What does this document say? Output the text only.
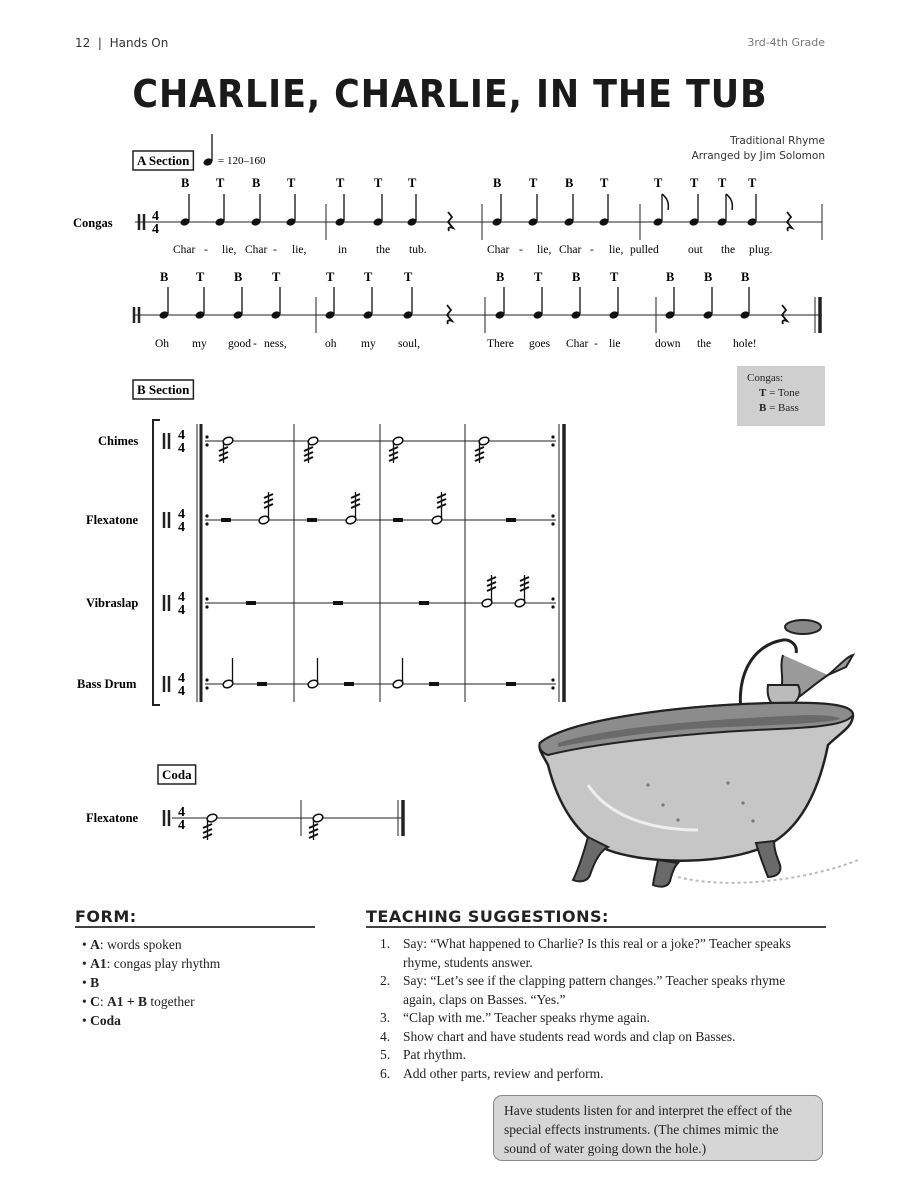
12  |  Hands On	3rd-4th Grade
CHARLIE, CHARLIE, IN THE TUB
Traditional Rhyme
Arranged by Jim Solomon
A Section	= 120–160
Congas	4
4
B T B T	T T T	B T B T	T T T T
Char - lie, Char - lie,	in	the tub.	Char - lie, Char - lie, pulled	out the plug.
B T B T	T T	T	B T B T	B B B
Oh my good - ness,	oh my soul,	There goes Char - lie	down the hole!
B Section
Chimes	4
4
Flexatone	4
4
Vibraslap	4
4
Bass Drum	4
4
Coda
Flexatone	4
4
Congas:
T = Tone
B = Bass
FORM:
• A: words spoken
• A1: congas play rhythm
• B
• C: A1 + B together
• Coda
TEACHING SUGGESTIONS:
1. Say: “What happened to Charlie? Is this real or a joke?” Teacher speaks rhyme, students answer.
2. Say: “Let’s see if the clapping pattern changes.” Teacher speaks rhyme again, claps on Basses. “Yes.”
3. “Clap with me.” Teacher speaks rhyme again.
4. Show chart and have students read words and clap on Basses.
5. Pat rhythm.
6. Add other parts, review and perform.
Have students listen for and interpret the effect of the special effects instruments. (The chimes mimic the sound of water going down the hole.)
